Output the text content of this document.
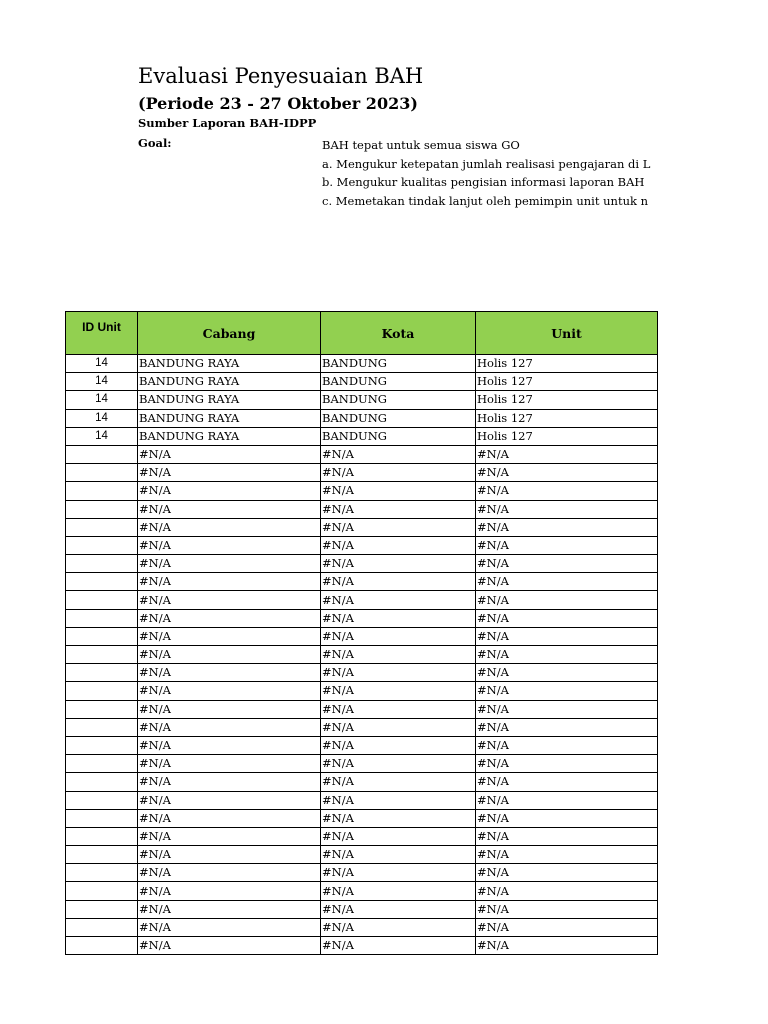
Evaluasi Penyesuaian BAH
(Periode 23 - 27 Oktober 2023)
Sumber Laporan BAH-IDPP
Goal:	BAH tepat untuk semua siswa GO
a. Mengukur ketepatan jumlah realisasi pengajaran di L
b. Mengukur kualitas pengisian informasi laporan BAH
c. Memetakan tindak lanjut oleh pemimpin unit untuk n
ID Unit	Cabang	Kota	Unit
14	BANDUNG RAYA	BANDUNG	Holis 127
14	BANDUNG RAYA	BANDUNG	Holis 127
14	BANDUNG RAYA	BANDUNG	Holis 127
14	BANDUNG RAYA	BANDUNG	Holis 127
14	BANDUNG RAYA	BANDUNG	Holis 127
	#N/A	#N/A	#N/A
	#N/A	#N/A	#N/A
	#N/A	#N/A	#N/A
	#N/A	#N/A	#N/A
	#N/A	#N/A	#N/A
	#N/A	#N/A	#N/A
	#N/A	#N/A	#N/A
	#N/A	#N/A	#N/A
	#N/A	#N/A	#N/A
	#N/A	#N/A	#N/A
	#N/A	#N/A	#N/A
	#N/A	#N/A	#N/A
	#N/A	#N/A	#N/A
	#N/A	#N/A	#N/A
	#N/A	#N/A	#N/A
	#N/A	#N/A	#N/A
	#N/A	#N/A	#N/A
	#N/A	#N/A	#N/A
	#N/A	#N/A	#N/A
	#N/A	#N/A	#N/A
	#N/A	#N/A	#N/A
	#N/A	#N/A	#N/A
	#N/A	#N/A	#N/A
	#N/A	#N/A	#N/A
	#N/A	#N/A	#N/A
	#N/A	#N/A	#N/A
	#N/A	#N/A	#N/A
	#N/A	#N/A	#N/A
